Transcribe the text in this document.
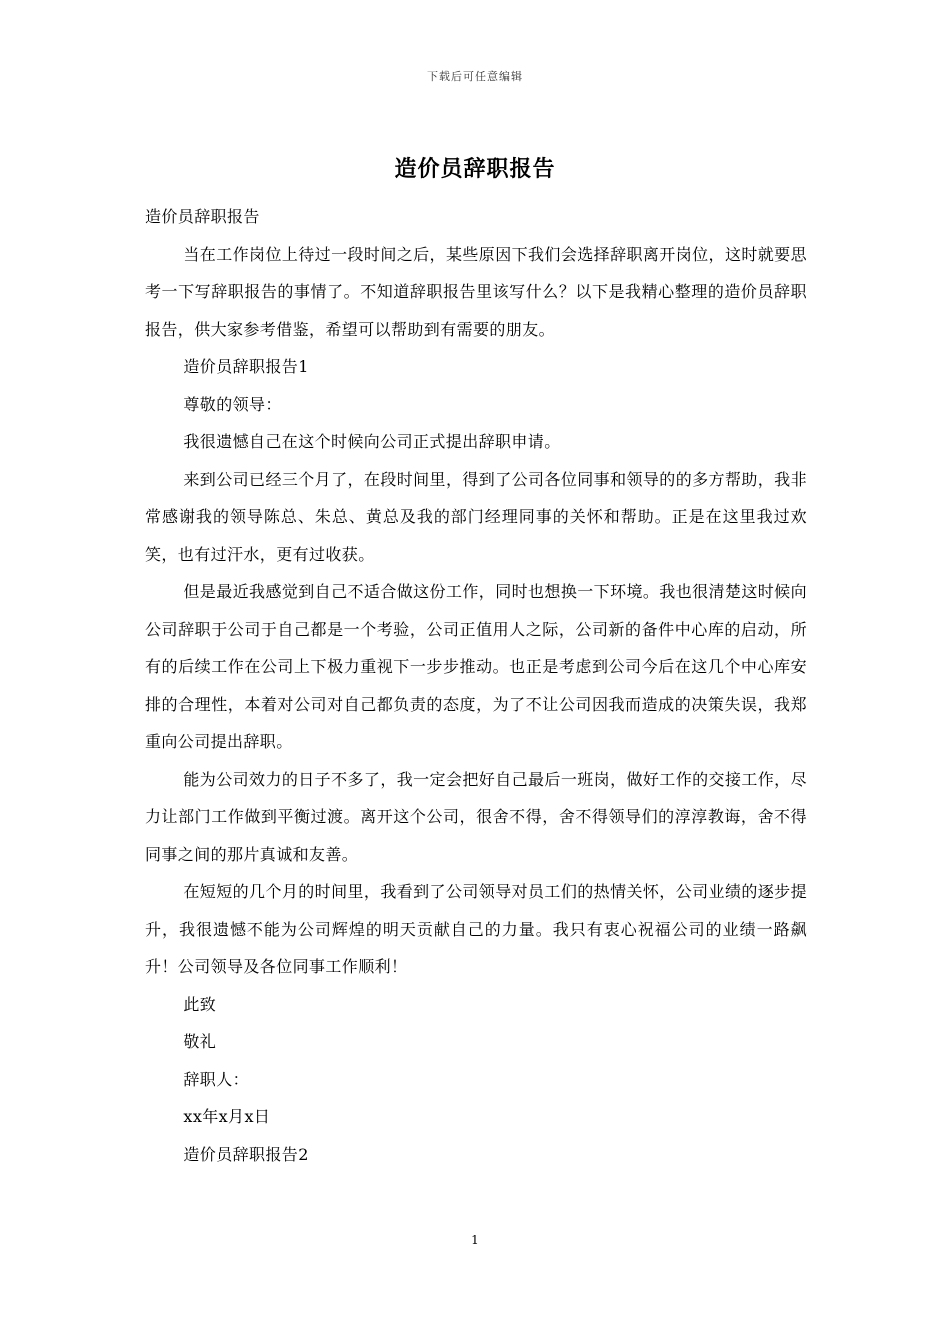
下载后可任意编辑
造价员辞职报告

造价员辞职报告

当在工作岗位上待过一段时间之后，某些原因下我们会选择辞职离开岗位，这时就要思考一下写辞职报告的事情了。不知道辞职报告里该写什么？以下是我精心整理的造价员辞职报告，供大家参考借鉴，希望可以帮助到有需要的朋友。

造价员辞职报告1

尊敬的领导：

我很遗憾自己在这个时候向公司正式提出辞职申请。

来到公司已经三个月了，在段时间里，得到了公司各位同事和领导的的多方帮助，我非常感谢我的领导陈总、朱总、黄总及我的部门经理同事的关怀和帮助。正是在这里我过欢笑，也有过汗水，更有过收获。

但是最近我感觉到自己不适合做这份工作，同时也想换一下环境。我也很清楚这时候向公司辞职于公司于自己都是一个考验，公司正值用人之际，公司新的备件中心库的启动，所有的后续工作在公司上下极力重视下一步步推动。也正是考虑到公司今后在这几个中心库安排的合理性，本着对公司对自己都负责的态度，为了不让公司因我而造成的决策失误，我郑重向公司提出辞职。

能为公司效力的日子不多了，我一定会把好自己最后一班岗，做好工作的交接工作，尽力让部门工作做到平衡过渡。离开这个公司，很舍不得，舍不得领导们的淳淳教诲，舍不得同事之间的那片真诚和友善。

在短短的几个月的时间里，我看到了公司领导对员工们的热情关怀，公司业绩的逐步提升，我很遗憾不能为公司辉煌的明天贡献自己的力量。我只有衷心祝福公司的业绩一路飙升！公司领导及各位同事工作顺利！

此致

敬礼

辞职人：

xx年x月x日

造价员辞职报告2

1
